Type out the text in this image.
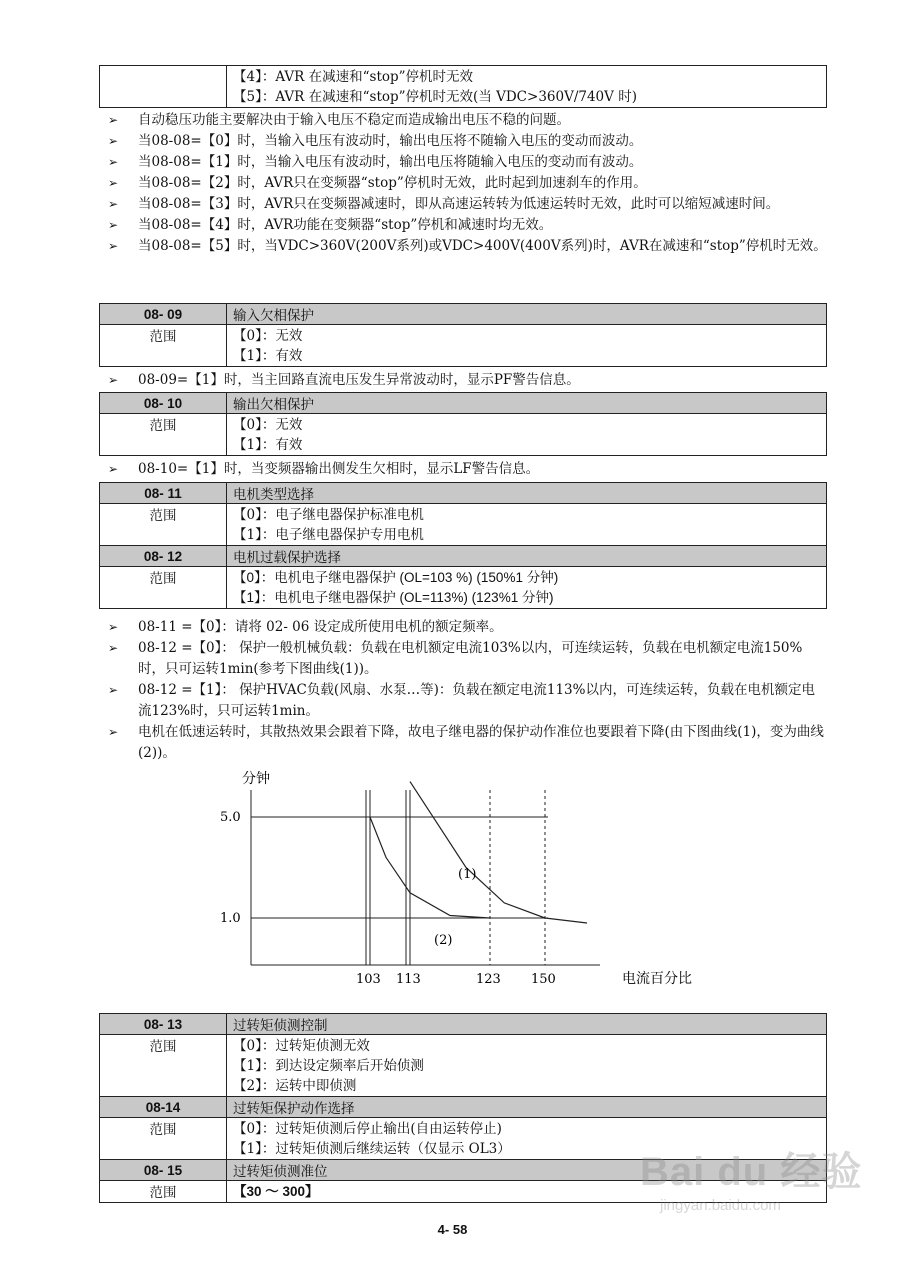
【4】：AVR 在减速和“stop”停机时无效
【5】：AVR 在减速和“stop”停机时无效(当 VDC>360V/740V 时)
➢ 自动稳压功能主要解决由于输入电压不稳定而造成输出电压不稳的问题。
➢ 当08-08=【0】时，当输入电压有波动时，输出电压将不随输入电压的变动而波动。
➢ 当08-08=【1】时，当输入电压有波动时，输出电压将随输入电压的变动而有波动。
➢ 当08-08=【2】时，AVR只在变频器“stop”停机时无效，此时起到加速刹车的作用。
➢ 当08-08=【3】时，AVR只在变频器减速时，即从高速运转转为低速运转时无效，此时可以缩短减速时间。
➢ 当08-08=【4】时，AVR功能在变频器“stop”停机和减速时均无效。
➢ 当08-08=【5】时，当VDC>360V(200V系列)或VDC>400V(400V系列)时，AVR在减速和“stop”停机时无效。
08- 09	输入欠相保护
范围	【0】：无效
【1】：有效
➢ 08-09=【1】时，当主回路直流电压发生异常波动时，显示PF警告信息。
08- 10	输出欠相保护
范围	【0】：无效
【1】：有效
➢ 08-10=【1】时，当变频器输出侧发生欠相时，显示LF警告信息。
08- 11	电机类型选择
范围	【0】：电子继电器保护标准电机
【1】：电子继电器保护专用电机

08- 12	电机过载保护选择
范围	【0】：电机电子继电器保护 (OL=103 %) (150%1 分钟)
【1】：电机电子继电器保护 (OL=113%) (123%1 分钟)
➢ 08-11 =【0】：请将 02- 06 设定成所使用电机的额定频率。
➢ 08-12 =【0】： 保护一般机械负载：负载在电机额定电流103%以内，可连续运转，负载在电机额定电流150%时，只可运转1min(参考下图曲线(1))。
➢ 08-12 =【1】： 保护HVAC负载(风扇、水泵…等)：负载在额定电流113%以内，可连续运转，负载在电机额定电流123%时，只可运转1min。
➢ 电机在低速运转时，其散热效果会跟着下降，故电子继电器的保护动作准位也要跟着下降(由下图曲线(1)，变为曲线(2))。
分钟
电流百分比
5.0
1.0
103 113	123 150
(1)
(2)
08- 13	过转矩侦测控制
范围	【0】：过转矩侦测无效
【1】：到达设定频率后开始侦测
【2】：运转中即侦测

08-14	过转矩保护动作选择
范围	【0】：过转矩侦测后停止输出(自由运转停止)
【1】：过转矩侦测后继续运转（仅显示 OL3）

08- 15	过转矩侦测准位
范围	【30 ～ 300】
4- 58
Bai du 经验
jingyan.baidu.com
